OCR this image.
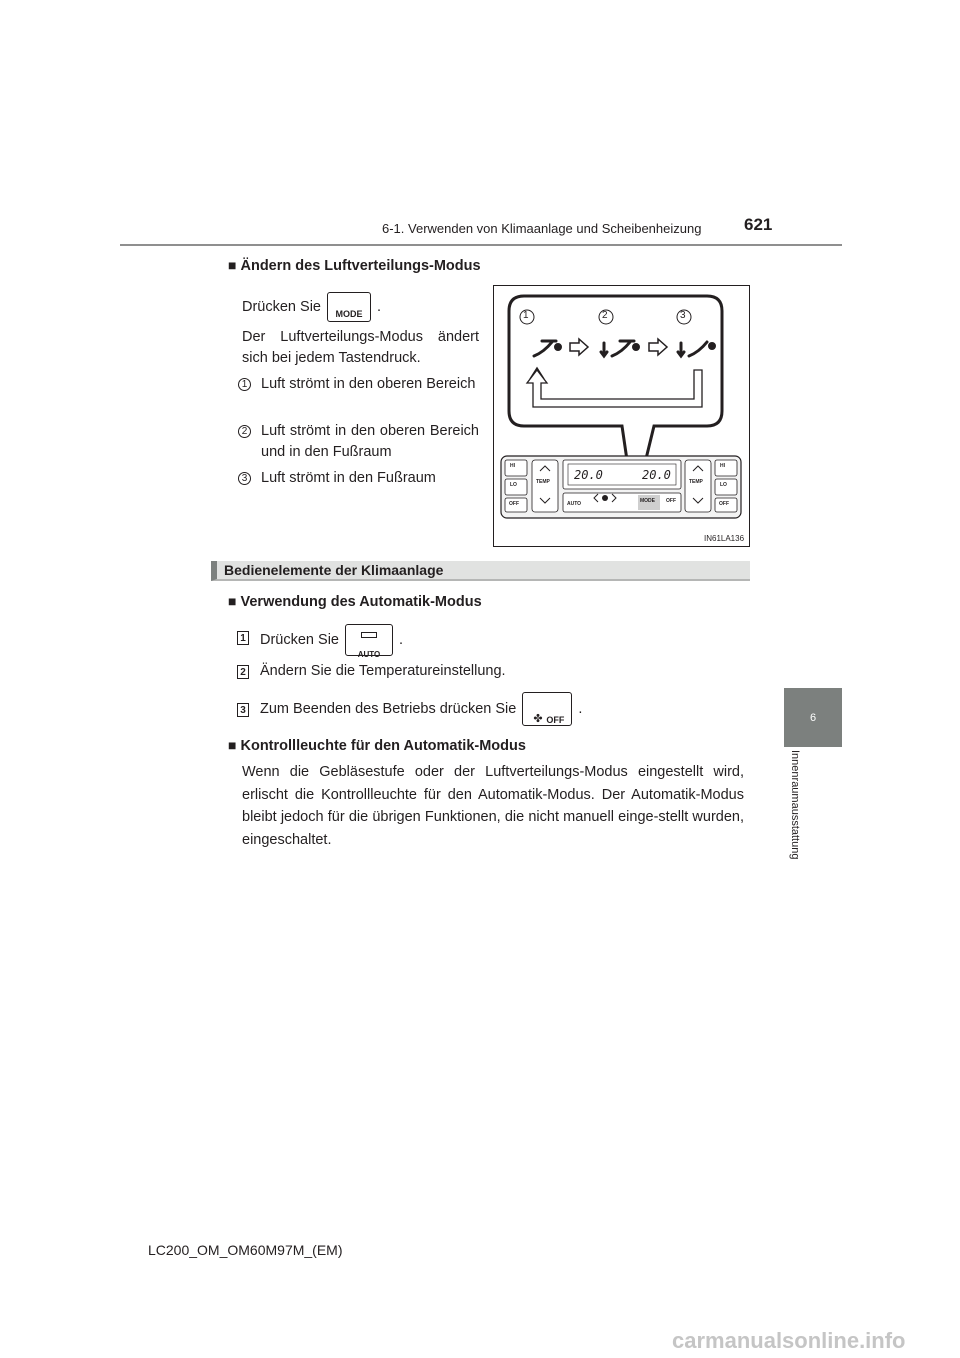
6-1. Verwenden von Klimaanlage und Scheibenheizung	621
6
Innenraumausstattung
■ Ändern des Luftverteilungs-Modus
Drücken Sie	MODE	.
Der Luftverteilungs-Modus ändert sich bei jedem Tastendruck.
1 Luft strömt in den oberen Bereich
2 Luft strömt in den oberen Bereich und in den Fußraum
3 Luft strömt in den Fußraum
1	2	3
HI
LO
OFF
TEMP 20.0	20.0
AUTO	MODE OFF
TEMP
HI
LO
OFF
IN61LA136
Bedienelemente der Klimaanlage
■ Verwendung des Automatik-Modus
1 Drücken Sie
AUTO
.
2 Ändern Sie die Temperatureinstellung.
3 Zum Beenden des Betriebs drücken Sie
✤ OFF
.
■ Kontrollleuchte für den Automatik-Modus
Wenn die Gebläsestufe oder der Luftverteilungs-Modus eingestellt wird, erlischt die Kontrollleuchte für den Automatik-Modus. Der Automatik-Modus bleibt jedoch für die übrigen Funktionen, die nicht manuell einge-stellt wurden, eingeschaltet.
LC200_OM_OM60M97M_(EM)
carmanualsonline.info
